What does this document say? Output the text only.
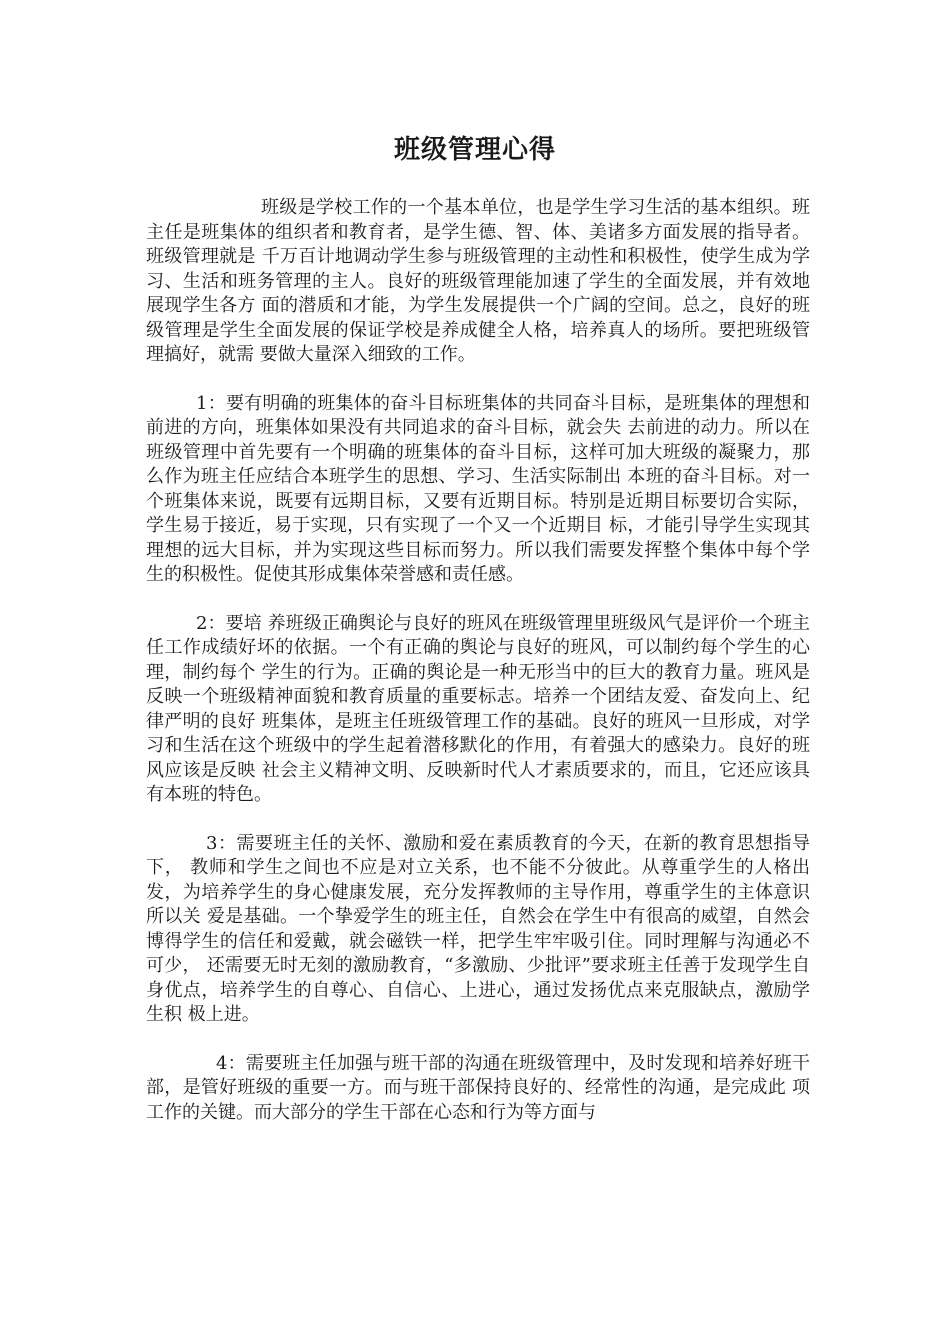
班级管理心得

班级是学校工作的一个基本单位，也是学生学习生活的基本组织。班主任是班集体的组织者和教育者，是学生德、智、体、美诸多方面发展的指导者。班级管理就是 千万百计地调动学生参与班级管理的主动性和积极性，使学生成为学习、生活和班务管理的主人。良好的班级管理能加速了学生的全面发展，并有效地展现学生各方 面的潜质和才能，为学生发展提供一个广阔的空间。总之，良好的班级管理是学生全面发展的保证学校是养成健全人格，培养真人的场所。要把班级管理搞好，就需 要做大量深入细致的工作。

1：要有明确的班集体的奋斗目标班集体的共同奋斗目标，是班集体的理想和前进的方向，班集体如果没有共同追求的奋斗目标，就会失 去前进的动力。所以在班级管理中首先要有一个明确的班集体的奋斗目标，这样可加大班级的凝聚力，那么作为班主任应结合本班学生的思想、学习、生活实际制出 本班的奋斗目标。对一个班集体来说，既要有远期目标，又要有近期目标。特别是近期目标要切合实际，学生易于接近，易于实现，只有实现了一个又一个近期目 标，才能引导学生实现其理想的远大目标，并为实现这些目标而努力。所以我们需要发挥整个集体中每个学生的积极性。促使其形成集体荣誉感和责任感。

2：要培 养班级正确舆论与良好的班风在班级管理里班级风气是评价一个班主任工作成绩好坏的依据。一个有正确的舆论与良好的班风，可以制约每个学生的心理，制约每个 学生的行为。正确的舆论是一种无形当中的巨大的教育力量。班风是反映一个班级精神面貌和教育质量的重要标志。培养一个团结友爱、奋发向上、纪律严明的良好 班集体，是班主任班级管理工作的基础。良好的班风一旦形成，对学习和生活在这个班级中的学生起着潜移默化的作用，有着强大的感染力。良好的班风应该是反映 社会主义精神文明、反映新时代人才素质要求的，而且，它还应该具有本班的特色。

3：需要班主任的关怀、激励和爱在素质教育的今天，在新的教育思想指导下， 教师和学生之间也不应是对立关系，也不能不分彼此。从尊重学生的人格出发，为培养学生的身心健康发展，充分发挥教师的主导作用，尊重学生的主体意识所以关 爱是基础。一个挚爱学生的班主任，自然会在学生中有很高的威望，自然会博得学生的信任和爱戴，就会磁铁一样，把学生牢牢吸引住。同时理解与沟通必不可少， 还需要无时无刻的激励教育，“多激励、少批评”要求班主任善于发现学生自身优点，培养学生的自尊心、自信心、上进心，通过发扬优点来克服缺点，激励学生积 极上进。

4：需要班主任加强与班干部的沟通在班级管理中，及时发现和培养好班干部，是管好班级的重要一方。而与班干部保持良好的、经常性的沟通，是完成此 项工作的关键。而大部分的学生干部在心态和行为等方面与
